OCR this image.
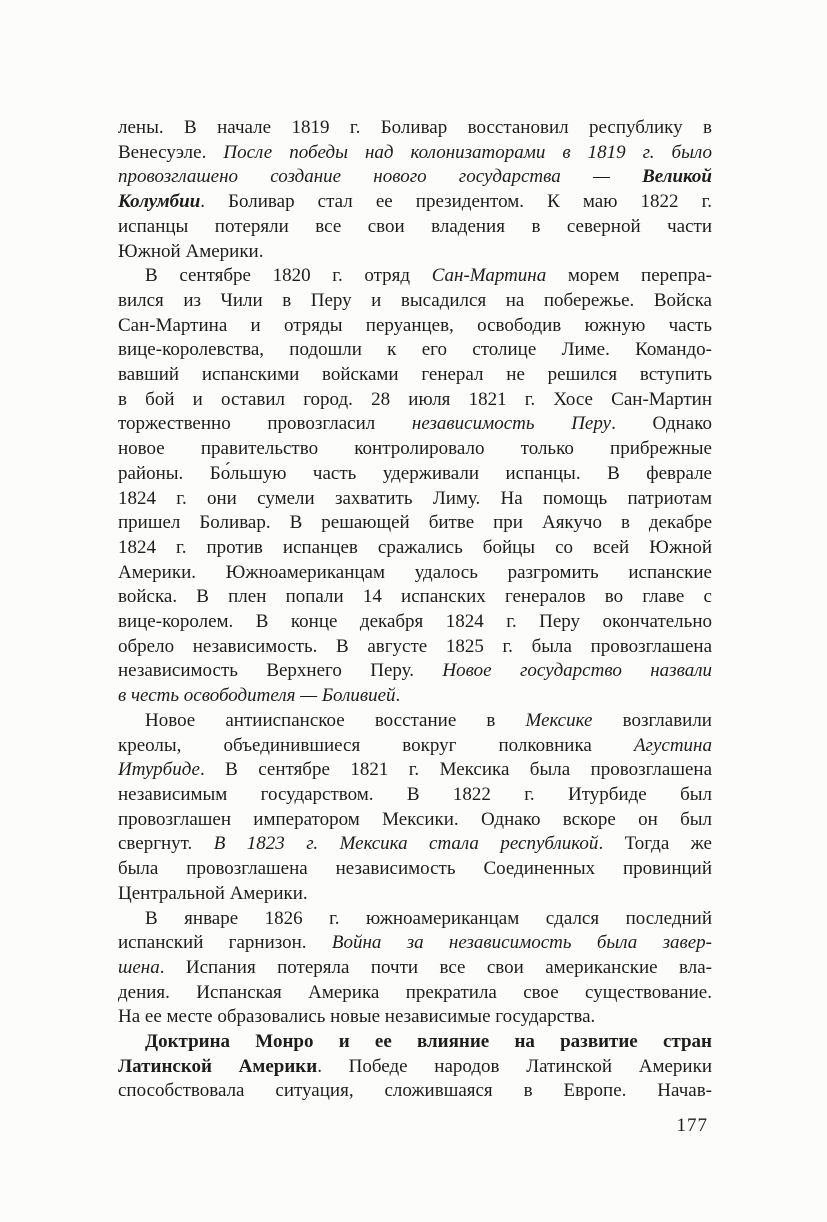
лены. В начале 1819 г. Боливар восстановил республику в
Венесуэле. После победы над колонизаторами в 1819 г. было
провозглашено создание нового государства — Великой
Колумбии. Боливар стал ее президентом. К маю 1822 г.
испанцы потеряли все свои владения в северной части
Южной Америки.
В сентябре 1820 г. отряд Сан-Мартина морем перепра-
вился из Чили в Перу и высадился на побережье. Войска
Сан-Мартина и отряды перуанцев, освободив южную часть
вице-королевства, подошли к его столице Лиме. Командо-
вавший испанскими войсками генерал не решился вступить
в бой и оставил город. 28 июля 1821 г. Хосе Сан-Мартин
торжественно провозгласил независимость Перу. Однако
новое правительство контролировало только прибрежные
районы. Бо́льшую часть удерживали испанцы. В феврале
1824 г. они сумели захватить Лиму. На помощь патриотам
пришел Боливар. В решающей битве при Аякучо в декабре
1824 г. против испанцев сражались бойцы со всей Южной
Америки. Южноамериканцам удалось разгромить испанские
войска. В плен попали 14 испанских генералов во главе с
вице-королем. В конце декабря 1824 г. Перу окончательно
обрело независимость. В августе 1825 г. была провозглашена
независимость Верхнего Перу. Новое государство назвали
в честь освободителя — Боливией.
Новое антииспанское восстание в Мексике возглавили
креолы, объединившиеся вокруг полковника Агустина
Итурбиде. В сентябре 1821 г. Мексика была провозглашена
независимым государством. В 1822 г. Итурбиде был
провозглашен императором Мексики. Однако вскоре он был
свергнут. В 1823 г. Мексика стала республикой. Тогда же
была провозглашена независимость Соединенных провинций
Центральной Америки.
В январе 1826 г. южноамериканцам сдался последний
испанский гарнизон. Война за независимость была завер-
шена. Испания потеряла почти все свои американские вла-
дения. Испанская Америка прекратила свое существование.
На ее месте образовались новые независимые государства.
Доктрина Монро и ее влияние на развитие стран
Латинской Америки. Победе народов Латинской Америки
способствовала ситуация, сложившаяся в Европе. Начав-
177
